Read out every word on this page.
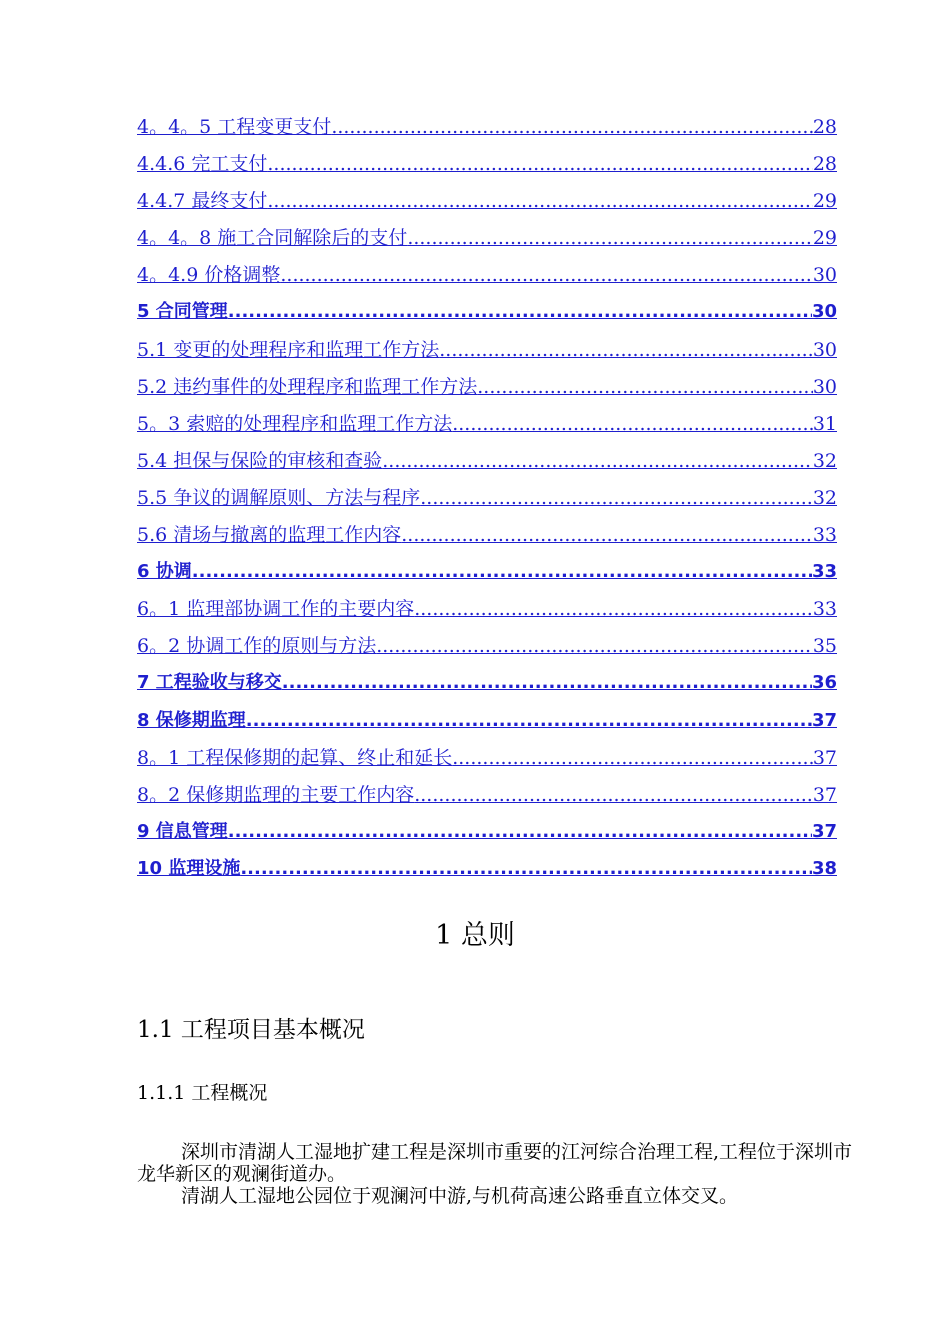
4。4。5 工程变更支付 .....	28
4.4.6 完工支付 .....	28
4.4.7 最终支付 .....	29
4。4。8 施工合同解除后的支付 .....	29
4。4.9 价格调整 .....	30
5 合同管理 .....	30
5.1 变更的处理程序和监理工作方法 .....	30
5.2 违约事件的处理程序和监理工作方法 .....	30
5。3 索赔的处理程序和监理工作方法 .....	31
5.4 担保与保险的审核和查验 .....	32
5.5 争议的调解原则、方法与程序 .....	32
5.6 清场与撤离的监理工作内容 .....	33
6 协调 .....	33
6。1 监理部协调工作的主要内容 .....	33
6。2 协调工作的原则与方法 .....	35
7 工程验收与移交 .....	36
8 保修期监理 .....	37
8。1 工程保修期的起算、终止和延长 .....	37
8。2 保修期监理的主要工作内容 .....	37
9 信息管理 .....	37
10 监理设施 .....	38
1 总则
1.1 工程项目基本概况
1.1.1 工程概况

深圳市清湖人工湿地扩建工程是深圳市重要的江河综合治理工程,工程位于深圳市龙华新区的观澜街道办。

清湖人工湿地公园位于观澜河中游,与机荷高速公路垂直立体交叉。
